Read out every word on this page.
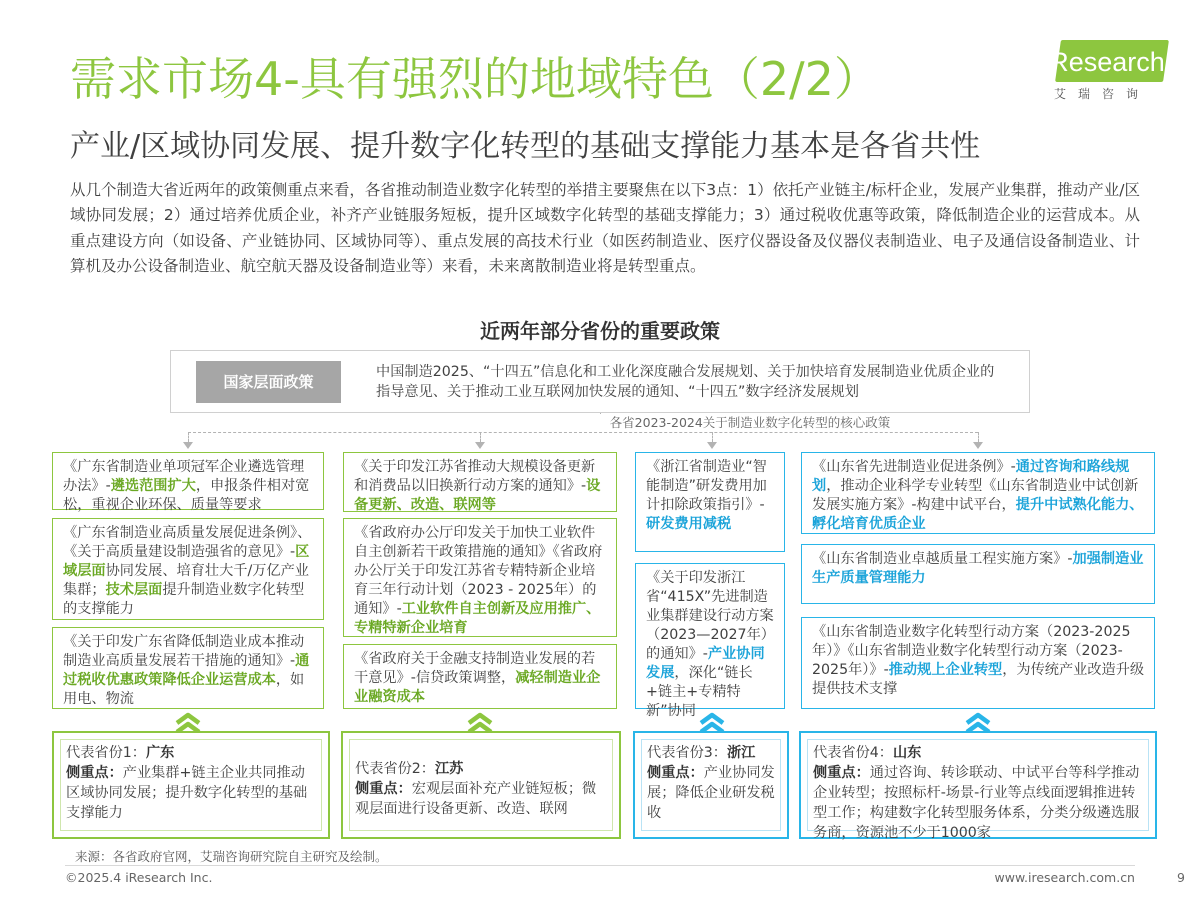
需求市场4-具有强烈的地域特色（2/2）
产业/区域协同发展、提升数字化转型的基础支撑能力基本是各省共性
iResearch
艾瑞咨询
从几个制造大省近两年的政策侧重点来看，各省推动制造业数字化转型的举措主要聚焦在以下3点：1）依托产业链主/标杆企业，发展产业集群，推动产业/区域协同发展；2）通过培养优质企业，补齐产业链服务短板，提升区域数字化转型的基础支撑能力；3）通过税收优惠等政策，降低制造企业的运营成本。从重点建设方向（如设备、产业链协同、区域协同等）、重点发展的高技术行业（如医药制造业、医疗仪器设备及仪器仪表制造业、电子及通信设备制造业、计算机及办公设备制造业、航空航天器及设备制造业等）来看，未来离散制造业将是转型重点。
近两年部分省份的重要政策
国家层面政策
中国制造2025、“十四五”信息化和工业化深度融合发展规划、关于加快培育发展制造业优质企业的指导意见、关于推动工业互联网加快发展的通知、“十四五”数字经济发展规划
各省2023-2024关于制造业数字化转型的核心政策
《广东省制造业单项冠军企业遴选管理办法》-遴选范围扩大，申报条件相对宽松，重视企业环保、质量等要求
《广东省制造业高质量发展促进条例》、《关于高质量建设制造强省的意见》-区域层面协同发展、培育壮大千/万亿产业集群；技术层面提升制造业数字化转型的支撑能力
《关于印发广东省降低制造业成本推动制造业高质量发展若干措施的通知》-通过税收优惠政策降低企业运营成本，如用电、物流
代表省份1：广东
侧重点：产业集群+链主企业共同推动区域协同发展；提升数字化转型的基础支撑能力
《关于印发江苏省推动大规模设备更新和消费品以旧换新行动方案的通知》-设备更新、改造、联网等
《省政府办公厅印发关于加快工业软件自主创新若干政策措施的通知》《省政府办公厅关于印发江苏省专精特新企业培育三年行动计划（2023 - 2025年）的通知》-工业软件自主创新及应用推广、专精特新企业培育
《省政府关于金融支持制造业发展的若干意见》-信贷政策调整，减轻制造业企业融资成本
代表省份2：江苏
侧重点：宏观层面补充产业链短板；微观层面进行设备更新、改造、联网
《浙江省制造业“智能制造”研发费用加计扣除政策指引》-研发费用减税
《关于印发浙江省“415X”先进制造业集群建设行动方案（2023—2027年）的通知》-产业协同发展，深化“链长+链主+专精特新”协同
代表省份3：浙江
侧重点：产业协同发展；降低企业研发税收
《山东省先进制造业促进条例》-通过咨询和路线规划，推动企业科学专业转型《山东省制造业中试创新发展实施方案》-构建中试平台，提升中试熟化能力、孵化培育优质企业
《山东省制造业卓越质量工程实施方案》-加强制造业生产质量管理能力
《山东省制造业数字化转型行动方案（2023-2025年）》《山东省制造业数字化转型行动方案（2023-2025年）》-推动规上企业转型，为传统产业改造升级提供技术支撑
代表省份4：山东
侧重点：通过咨询、转诊联动、中试平台等科学推动企业转型；按照标杆-场景-行业等点线面逻辑推进转型工作；构建数字化转型服务体系，分类分级遴选服务商，资源池不少于1000家
来源：各省政府官网，艾瑞咨询研究院自主研究及绘制。
©2025.4 iResearch Inc.	www.iresearch.com.cn	9
